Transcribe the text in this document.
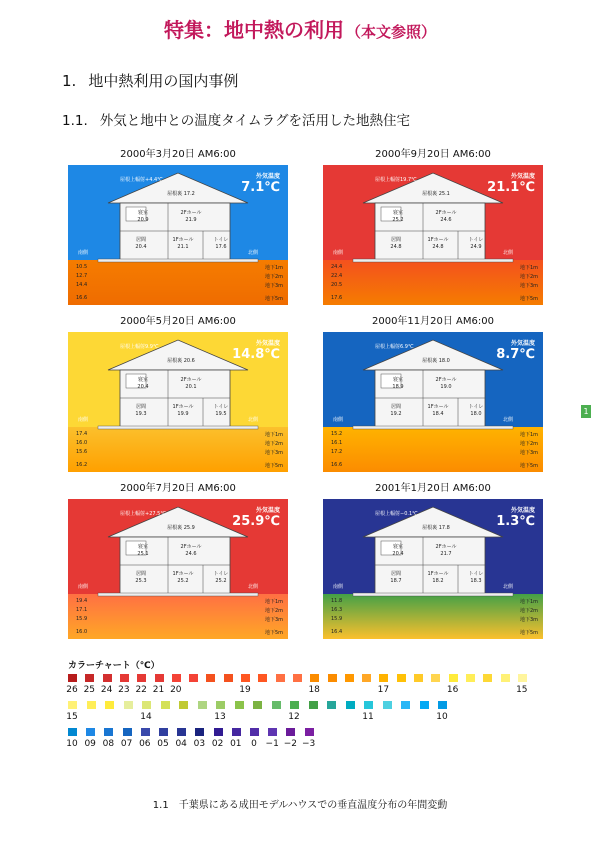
特集：地中熱の利用 （本文参照）
1. 地中熱利用の国内事例
1.1. 外気と地中との温度タイムラグを活用した地熱住宅
2000年3月20日 AM6:00
外気温度
7.1℃
屋根上輻射+4.4℃
屋根裏 17.2
寝室
20.9
2Fホール
21.9
居間
20.4
1Fホール
21.1
トイレ
17.6
南側	北側
10.5	地下1m
12.7	地下2m
14.4	地下3m
16.6	地下5m
2000年9月20日 AM6:00
外気温度
21.1℃
屋根上輻射19.7℃
屋根裏 25.1
寝室
25.2
2Fホール
24.6
居間
24.8
1Fホール
24.8
トイレ
24.9
南側	北側
24.4	地下1m
22.4	地下2m
20.5	地下3m
17.6	地下5m
2000年5月20日 AM6:00
外気温度
14.8℃
屋根上輻射9.9℃
屋根裏 20.6
寝室
20.4
2Fホール
20.1
居間
19.3
1Fホール
19.9
トイレ
19.5
南側	北側
17.4	地下1m
16.0	地下2m
15.6	地下3m
16.2	地下5m
2000年11月20日 AM6:00
外気温度
8.7℃
屋根上輻射6.9℃
屋根裏 18.0
寝室
18.9
2Fホール
19.0
居間
19.2
1Fホール
18.4
トイレ
18.0
南側	北側
15.2	地下1m
16.1	地下2m
17.2	地下3m
16.6	地下5m
2000年7月20日 AM6:00
外気温度
25.9℃
屋根上輻射+27.5℃
屋根裏 25.9
寝室
25.1
2Fホール
24.6
居間
25.3
1Fホール
25.2
トイレ
25.2
南側	北側
19.4	地下1m
17.1	地下2m
15.9	地下3m
16.0	地下5m
2001年1月20日 AM6:00
外気温度
1.3℃
屋根上輻射−0.1℃
屋根裏 17.8
寝室
20.4
2Fホール
21.7
居間
18.7
1Fホール
18.2
トイレ
18.3
南側	北側
11.8	地下1m
16.3	地下2m
15.9	地下3m
16.4	地下5m
1
カラーチャート（℃）
26 25 24 23 22 21 20	19	18	17	16	15
15	14	13	12	11	10
10 09 08 07 06 05 04 03 02 01	0 −1 −2 −3
1.1　千葉県にある成田モデルハウスでの垂直温度分布の年間変動
